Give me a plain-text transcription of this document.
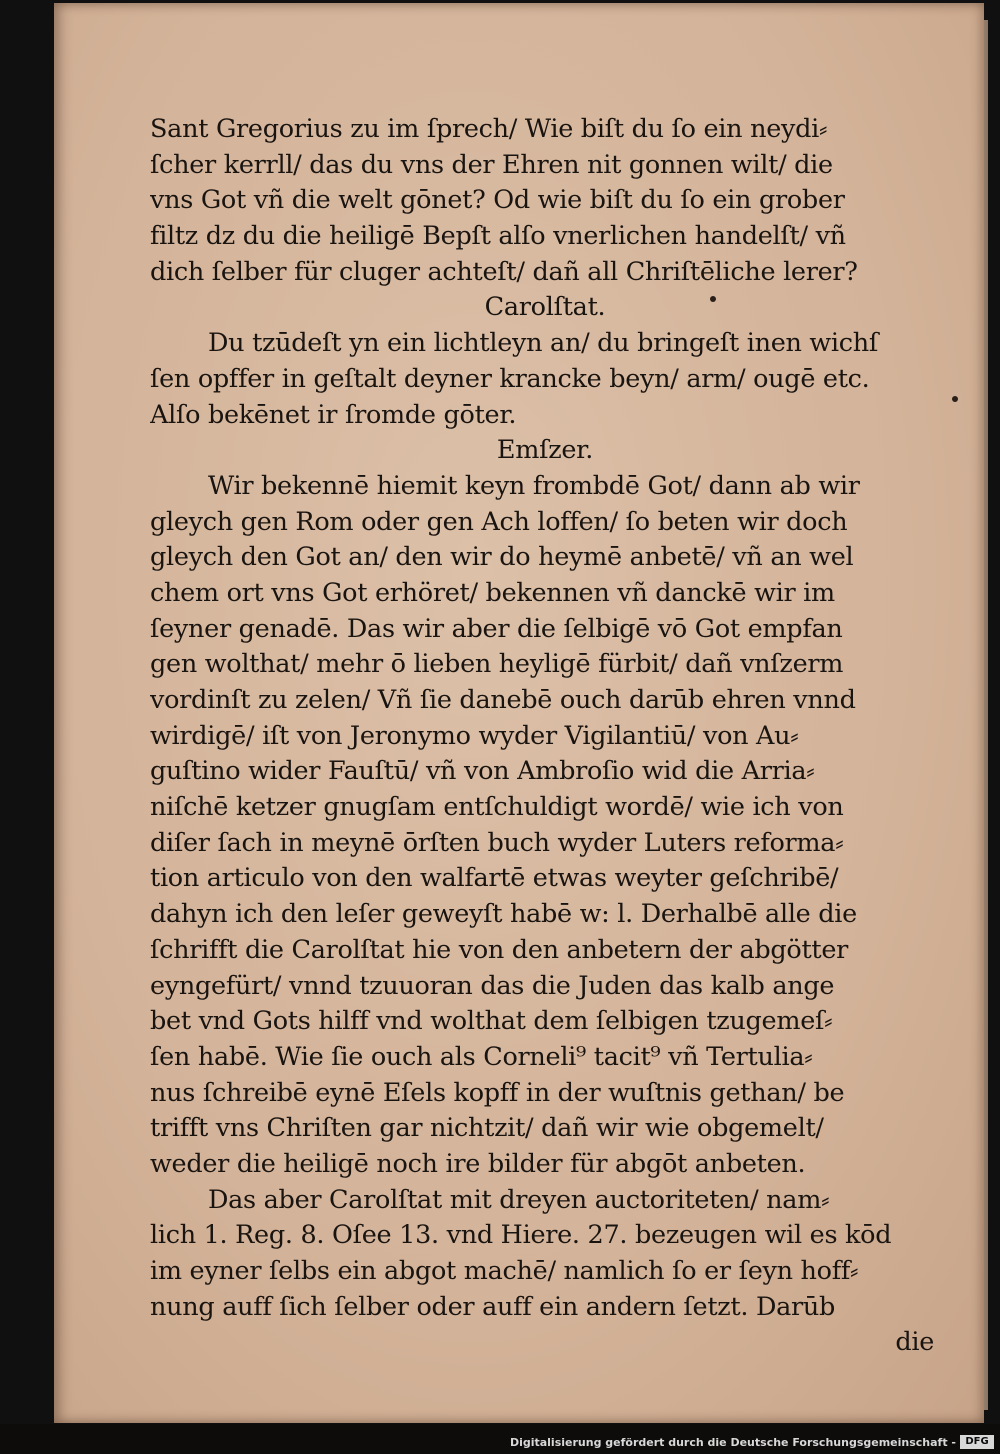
Sant Gregorius zu im ſprech/ Wie biſt du ſo ein neydi⸗
ſcher kerrll/ das du vns der Ehren nit gonnen wilt/ die
vns Got vñ die welt gōnet? Od wie biſt du ſo ein grober
filtz dz du die heiligē Bepſt alſo vnerlichen handelſt/ vñ
dich ſelber für cluger achteſt/ dañ all Chriſtēliche lerer?
Carolſtat.
Du tzūdeſt yn ein lichtleyn an/ du bringeſt inen wichſ
ſen opffer in geſtalt deyner krancke beyn/ arm/ ougē etc.
Alſo bekēnet ir ſromde gōter.
Emſzer.
Wir bekennē hiemit keyn frombdē Got/ dann ab wir
gleych gen Rom oder gen Ach loffen/ ſo beten wir doch
gleych den Got an/ den wir do heymē anbetē/ vñ an wel
chem ort vns Got erhöret/ bekennen vñ danckē wir im
ſeyner genadē. Das wir aber die ſelbigē vō Got empfan
gen wolthat/ mehr ō lieben heyligē fürbit/ dañ vnſzerm
vordinſt zu zelen/ Vñ ſie danebē ouch darūb ehren vnnd
wirdigē/ iſt von Jeronymo wyder Vigilantiū/ von Au⸗
guſtino wider Fauſtū/ vñ von Ambroſio wid die Arria⸗
niſchē ketzer gnugſam entſchuldigt wordē/ wie ich von
diſer ſach in meynē ōrſten buch wyder Luters reforma⸗
tion articulo von den walfartē etwas weyter geſchribē/
dahyn ich den leſer geweyſt habē w: l. Derhalbē alle die
ſchrifft die Carolſtat hie von den anbetern der abgötter
eyngefürt/ vnnd tzuuoran das die Juden das kalb ange
bet vnd Gots hilff vnd wolthat dem ſelbigen tzugemeſ⸗
ſen habē. Wie ſie ouch als Corneli⁹ tacit⁹ vñ Tertulia⸗
nus ſchreibē eynē Eſels kopff in der wuſtnis gethan/ be
trifft vns Chriſten gar nichtzit/ dañ wir wie obgemelt/
weder die heiligē noch ire bilder für abgōt anbeten.
Das aber Carolſtat mit dreyen auctoriteten/ nam⸗
lich 1. Reg. 8. Oſee 13. vnd Hiere. 27. bezeugen wil es kōd
im eyner ſelbs ein abgot machē/ namlich ſo er ſeyn hoff⸗
nung auff ſich ſelber oder auff ein andern ſetzt. Darūb
die
Digitalisierung gefördert durch die Deutsche Forschungsgemeinschaft - DFG
